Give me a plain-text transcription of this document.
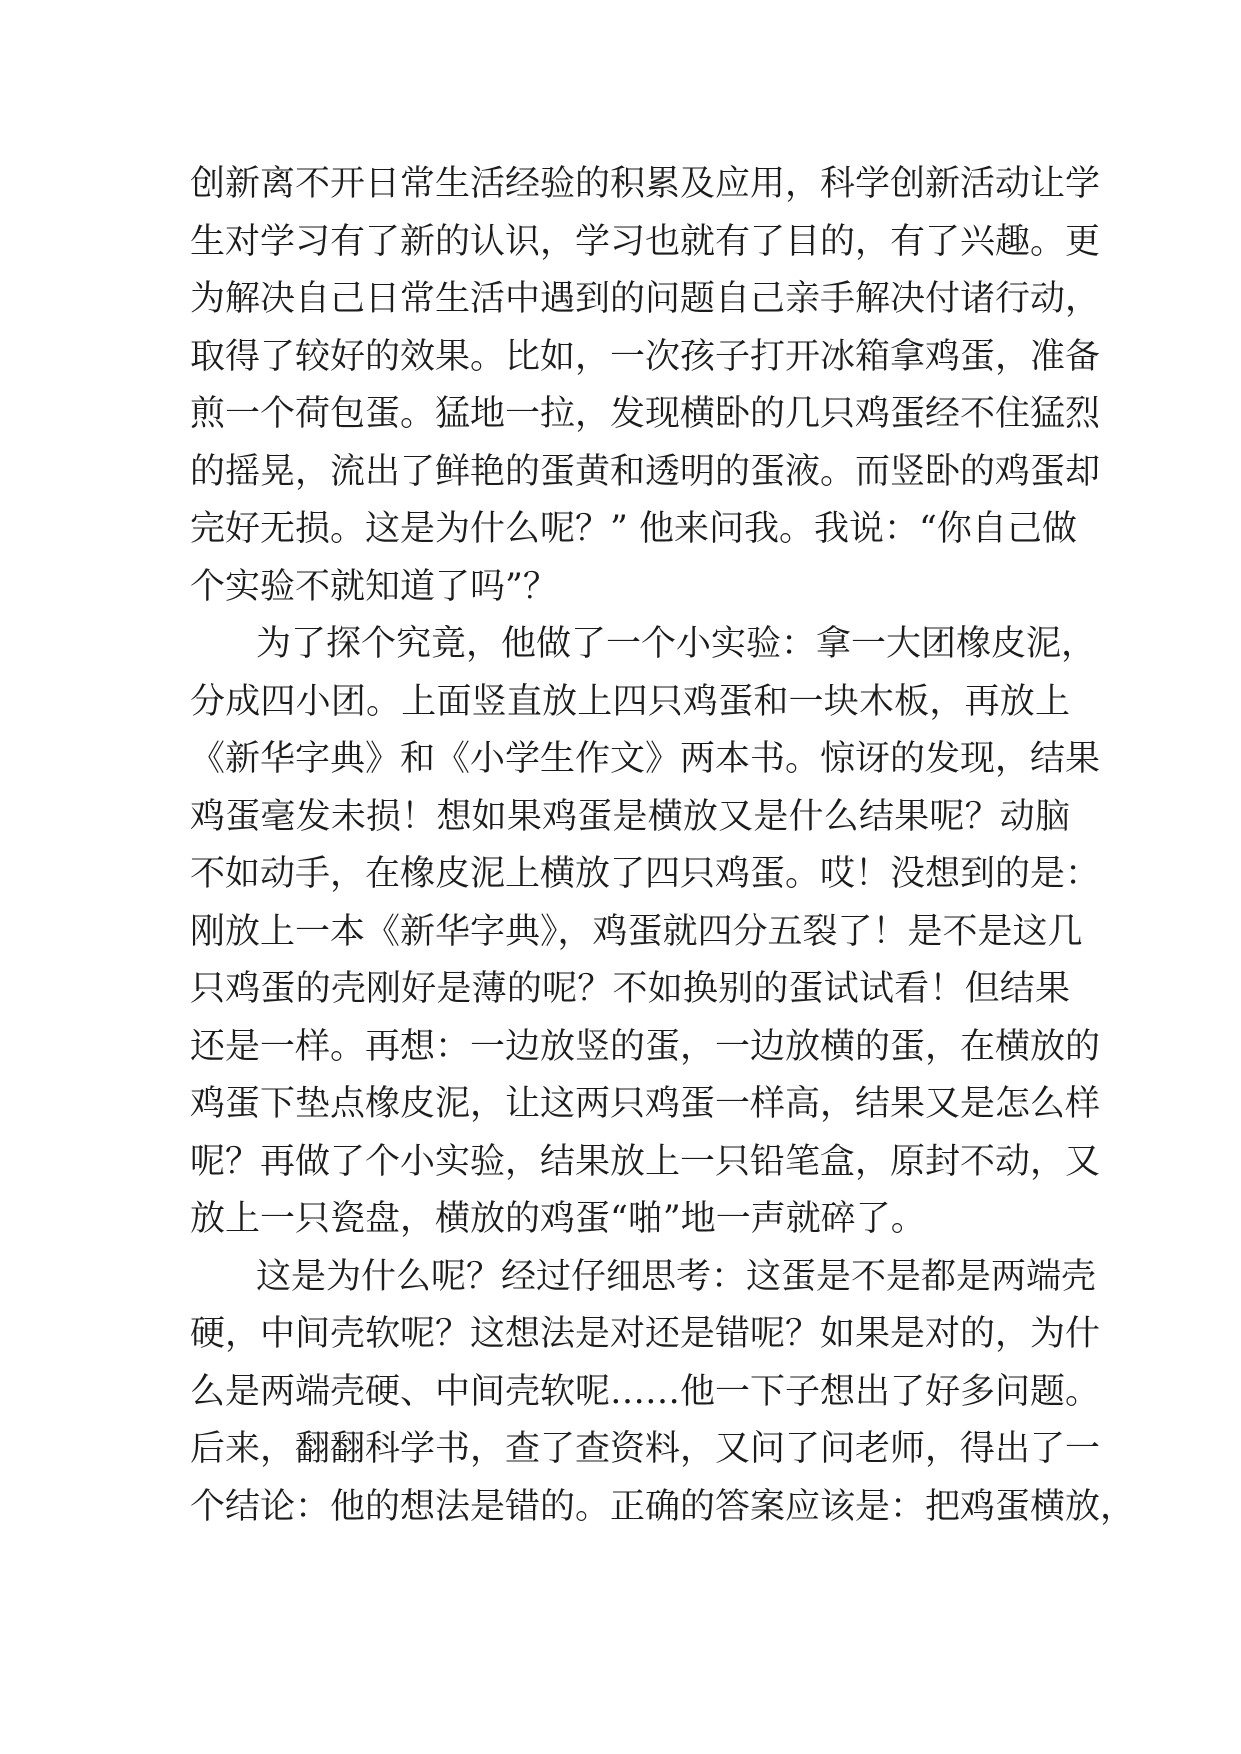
创新离不开日常生活经验的积累及应用，科学创新活动让学
生对学习有了新的认识，学习也就有了目的，有了兴趣。更
为解决自己日常生活中遇到的问题自己亲手解决付诸行动，
取得了较好的效果。比如，一次孩子打开冰箱拿鸡蛋，准备
煎一个荷包蛋。猛地一拉，发现横卧的几只鸡蛋经不住猛烈
的摇晃，流出了鲜艳的蛋黄和透明的蛋液。而竖卧的鸡蛋却
完好无损。这是为什么呢？” 他来问我。我说：“你自己做
个实验不就知道了吗”？
为了探个究竟，他做了一个小实验：拿一大团橡皮泥，
分成四小团。上面竖直放上四只鸡蛋和一块木板，再放上
《新华字典》和《小学生作文》两本书。惊讶的发现，结果
鸡蛋毫发未损！想如果鸡蛋是横放又是什么结果呢？动脑
不如动手，在橡皮泥上横放了四只鸡蛋。哎！没想到的是：
刚放上一本《新华字典》，鸡蛋就四分五裂了！是不是这几
只鸡蛋的壳刚好是薄的呢？不如换别的蛋试试看！但结果
还是一样。再想：一边放竖的蛋，一边放横的蛋，在横放的
鸡蛋下垫点橡皮泥，让这两只鸡蛋一样高，结果又是怎么样
呢？再做了个小实验，结果放上一只铅笔盒，原封不动，又
放上一只瓷盘，横放的鸡蛋“啪”地一声就碎了。
这是为什么呢？经过仔细思考：这蛋是不是都是两端壳
硬，中间壳软呢？这想法是对还是错呢？如果是对的，为什
么是两端壳硬、中间壳软呢……他一下子想出了好多问题。
后来，翻翻科学书，查了查资料，又问了问老师，得出了一
个结论：他的想法是错的。正确的答案应该是：把鸡蛋横放，
